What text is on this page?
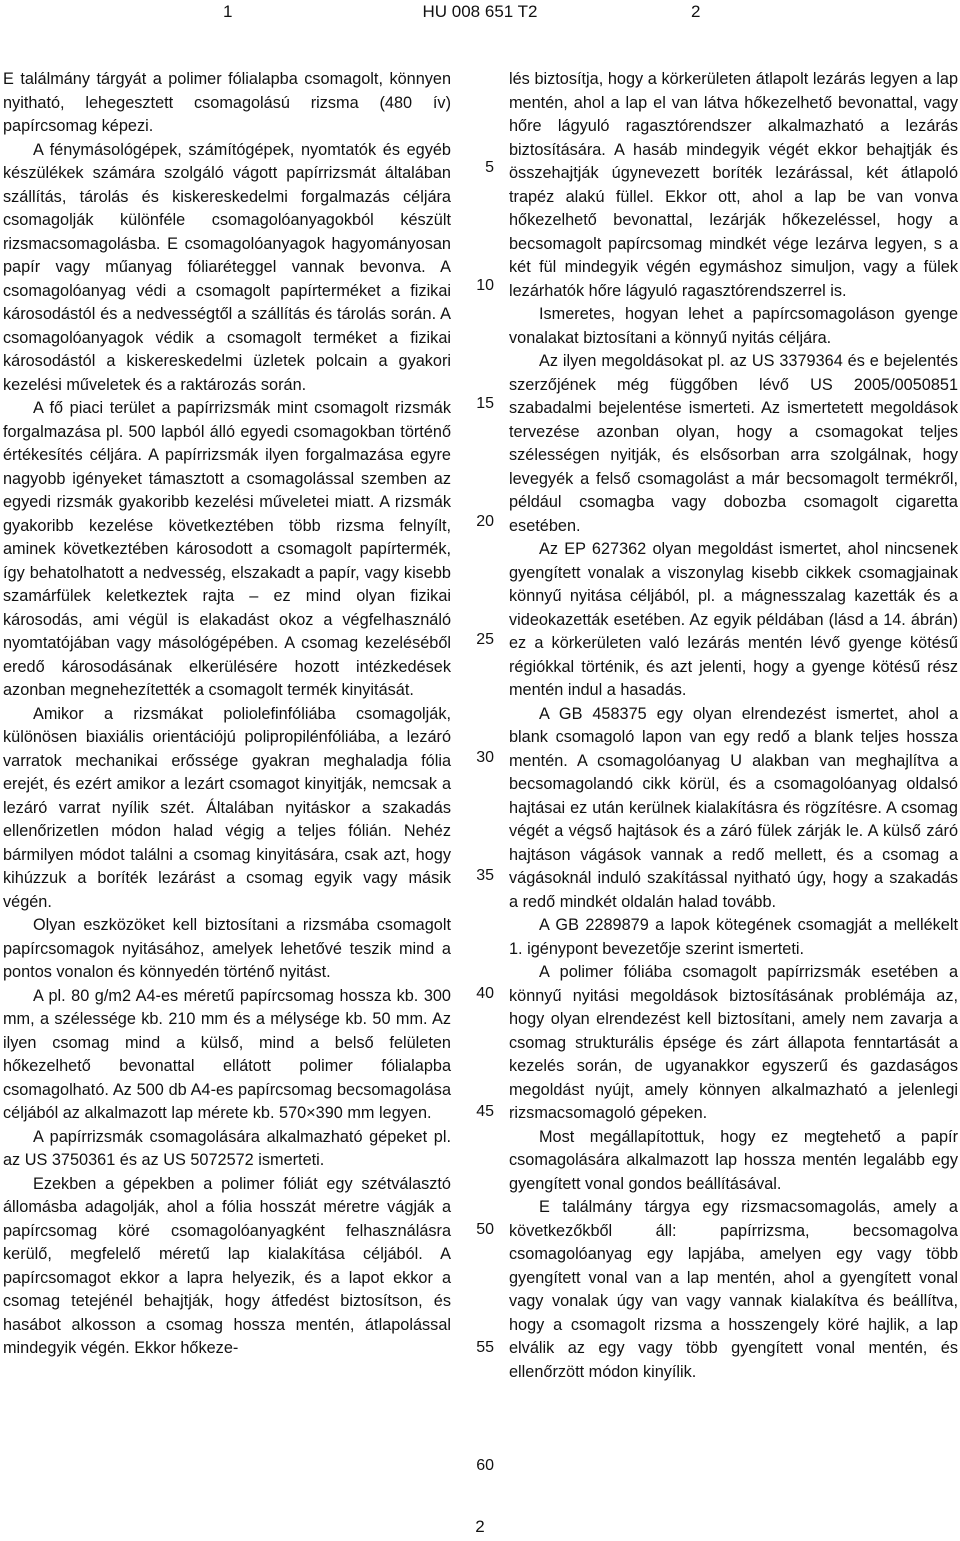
1	HU 008 651 T2	2

E találmány tárgyát a polimer fólialapba csomagolt, könnyen nyitható, lehegesztett csomagolású rizsma (480 ív) papírcsomag képezi.

A fénymásológépek, számítógépek, nyomtatók és egyéb készülékek számára szolgáló vágott papírrizsmát általában szállítás, tárolás és kiskereskedelmi forgalmazás céljára csomagolják különféle csomagolóanyagokból készült rizsmacsomagolásba. E csomagolóanyagok hagyományosan papír vagy műanyag fóliaréteggel vannak bevonva. A csomagolóanyag védi a csomagolt papírterméket a fizikai károsodástól és a nedvességtől a szállítás és tárolás során. A csomagolóanyagok védik a csomagolt terméket a fizikai károsodástól a kiskereskedelmi üzletek polcain a gyakori kezelési műveletek és a raktározás során.

A fő piaci terület a papírrizsmák mint csomagolt rizsmák forgalmazása pl. 500 lapból álló egyedi csomagokban történő értékesítés céljára. A papírrizsmák ilyen forgalmazása egyre nagyobb igényeket támasztott a csomagolással szemben az egyedi rizsmák gyakoribb kezelési műveletei miatt. A rizsmák gyakoribb kezelése következtében több rizsma felnyílt, aminek következtében károsodott a csomagolt papírtermék, így behatolhatott a nedvesség, elszakadt a papír, vagy kisebb szamárfülek keletkeztek rajta – ez mind olyan fizikai károsodás, ami végül is elakadást okoz a végfelhasználó nyomtatójában vagy másológépében. A csomag kezeléséből eredő károsodásának elkerülésére hozott intézkedések azonban megnehezítették a csomagolt termék kinyitását.

Amikor a rizsmákat poliolefinfóliába csomagolják, különösen biaxiális orientációjú polipropilénfóliába, a lezáró varratok mechanikai erőssége gyakran meghaladja fólia erejét, és ezért amikor a lezárt csomagot kinyitják, nemcsak a lezáró varrat nyílik szét. Általában nyitáskor a szakadás ellenőrizetlen módon halad végig a teljes fólián. Nehéz bármilyen módot találni a csomag kinyitására, csak azt, hogy kihúzzuk a boríték lezárást a csomag egyik vagy másik végén.

Olyan eszközöket kell biztosítani a rizsmába csomagolt papírcsomagok nyitásához, amelyek lehetővé teszik mind a pontos vonalon és könnyedén történő nyitást.

A pl. 80 g/m2 A4-es méretű papírcsomag hossza kb. 300 mm, a szélessége kb. 210 mm és a mélysége kb. 50 mm. Az ilyen csomag mind a külső, mind a belső felületen hőkezelhető bevonattal ellátott polimer fólialapba csomagolható. Az 500 db A4-es papírcsomag becsomagolása céljából az alkalmazott lap mérete kb. 570×390 mm legyen.

A papírrizsmák csomagolására alkalmazható gépeket pl. az US 3750361 és az US 5072572 ismerteti.

Ezekben a gépekben a polimer fóliát egy szétválasztó állomásba adagolják, ahol a fólia hosszát méretre vágják a papírcsomag köré csomagolóanyagként felhasználásra kerülő, megfelelő méretű lap kialakítása céljából. A papírcsomagot ekkor a lapra helyezik, és a lapot ekkor a csomag tetejénél behajtják, hogy átfedést biztosítson, és hasábot alkosson a csomag hossza mentén, átlapolással mindegyik végén. Ekkor hőkeze-

5
10
15
20
25
30
35
40
45
50
55
60

lés biztosítja, hogy a körkerületen átlapolt lezárás legyen a lap mentén, ahol a lap el van látva hőkezelhető bevonattal, vagy hőre lágyuló ragasztórendszer alkalmazható a lezárás biztosítására. A hasáb mindegyik végét ekkor behajtják és összehajtják úgynevezett boríték lezárással, két átlapoló trapéz alakú füllel. Ekkor ott, ahol a lap be van vonva hőkezelhető bevonattal, lezárják hőkezeléssel, hogy a becsomagolt papírcsomag mindkét vége lezárva legyen, s a két fül mindegyik végén egymáshoz simuljon, vagy a fülek lezárhatók hőre lágyuló ragasztórendszerrel is.

Ismeretes, hogyan lehet a papírcsomagoláson gyenge vonalakat biztosítani a könnyű nyitás céljára.

Az ilyen megoldásokat pl. az US 3379364 és e bejelentés szerzőjének még függőben lévő US 2005/0050851 szabadalmi bejelentése ismerteti. Az ismertetett megoldások tervezése azonban olyan, hogy a csomagokat teljes szélességen nyitják, és elsősorban arra szolgálnak, hogy levegyék a felső csomagolást a már becsomagolt termékről, például csomagba vagy dobozba csomagolt cigaretta esetében.

Az EP 627362 olyan megoldást ismertet, ahol nincsenek gyengített vonalak a viszonylag kisebb cikkek csomagjainak könnyű nyitása céljából, pl. a mágnesszalag kazetták és a videokazetták esetében. Az egyik példában (lásd a 14. ábrán) ez a körkerületen való lezárás mentén lévő gyenge kötésű régiókkal történik, és azt jelenti, hogy a gyenge kötésű rész mentén indul a hasadás.

A GB 458375 egy olyan elrendezést ismertet, ahol a blank csomagoló lapon van egy redő a blank teljes hossza mentén. A csomagolóanyag U alakban van meghajlítva a becsomagolandó cikk körül, és a csomagolóanyag oldalsó hajtásai ez után kerülnek kialakításra és rögzítésre. A csomag végét a végső hajtások és a záró fülek zárják le. A külső záró hajtáson vágások vannak a redő mellett, és a csomag a vágásoknál induló szakítással nyitható úgy, hogy a szakadás a redő mindkét oldalán halad tovább.

A GB 2289879 a lapok kötegének csomagját a mellékelt 1. igénypont bevezetője szerint ismerteti.

A polimer fóliába csomagolt papírrizsmák esetében a könnyű nyitási megoldások biztosításának problémája az, hogy olyan elrendezést kell biztosítani, amely nem zavarja a csomag strukturális épsége és zárt állapota fenntartását a kezelés során, de ugyanakkor egyszerű és gazdaságos megoldást nyújt, amely könnyen alkalmazható a jelenlegi rizsmacsomagoló gépeken.

Most megállapítottuk, hogy ez megtehető a papír csomagolására alkalmazott lap hossza mentén legalább egy gyengített vonal gondos beállításával.

E találmány tárgya egy rizsmacsomagolás, amely a következőkből áll: papírrizsma, becsomagolva csomagolóanyag egy lapjába, amelyen egy vagy több gyengített vonal van a lap mentén, ahol a gyengített vonal vagy vonalak úgy van vagy vannak kialakítva és beállítva, hogy a csomagolt rizsma a hosszengely köré hajlik, a lap elválik az egy vagy több gyengített vonal mentén, és ellenőrzött módon kinyílik.

2
